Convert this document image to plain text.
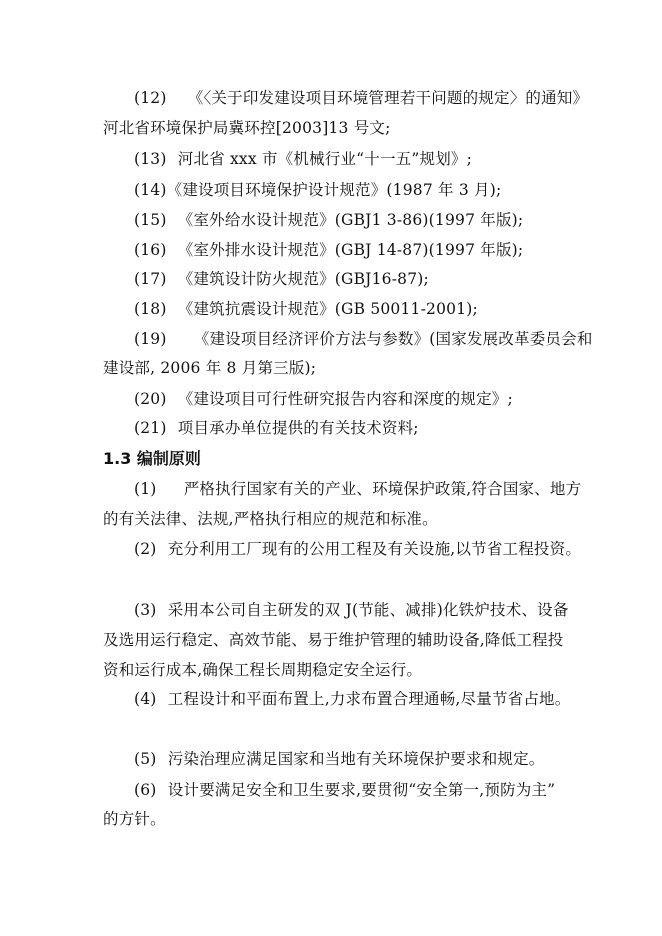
(12) 《〈关于印发建设项目环境管理若干问题的规定〉的通知》
河北省环境保护局冀环控[2003]13 号文;
(13) 河北省 xxx 市《机械行业“十一五”规划》;
(14)《建设项目环境保护设计规范》(1987 年 3 月);
(15) 《室外给水设计规范》(GBJ1 3-86)(1997 年版);
(16) 《室外排水设计规范》(GBJ 14-87)(1997 年版);
(17) 《建筑设计防火规范》(GBJ16-87);
(18) 《建筑抗震设计规范》(GB 50011-2001);
(19) 《建设项目经济评价方法与参数》(国家发展改革委员会和
建设部, 2006 年 8 月第三版);
(20) 《建设项目可行性研究报告内容和深度的规定》;
(21) 项目承办单位提供的有关技术资料;
1.3 编制原则
(1) 严格执行国家有关的产业、环境保护政策,符合国家、地方
的有关法律、法规,严格执行相应的规范和标准。
(2) 充分利用工厂现有的公用工程及有关设施,以节省工程投资。
(3) 采用本公司自主研发的双 J(节能、减排)化铁炉技术、设备
及选用运行稳定、高效节能、易于维护管理的辅助设备,降低工程投
资和运行成本,确保工程长周期稳定安全运行。
(4) 工程设计和平面布置上,力求布置合理通畅,尽量节省占地。
(5) 污染治理应满足国家和当地有关环境保护要求和规定。
(6) 设计要满足安全和卫生要求,要贯彻“安全第一,预防为主”
的方针。
